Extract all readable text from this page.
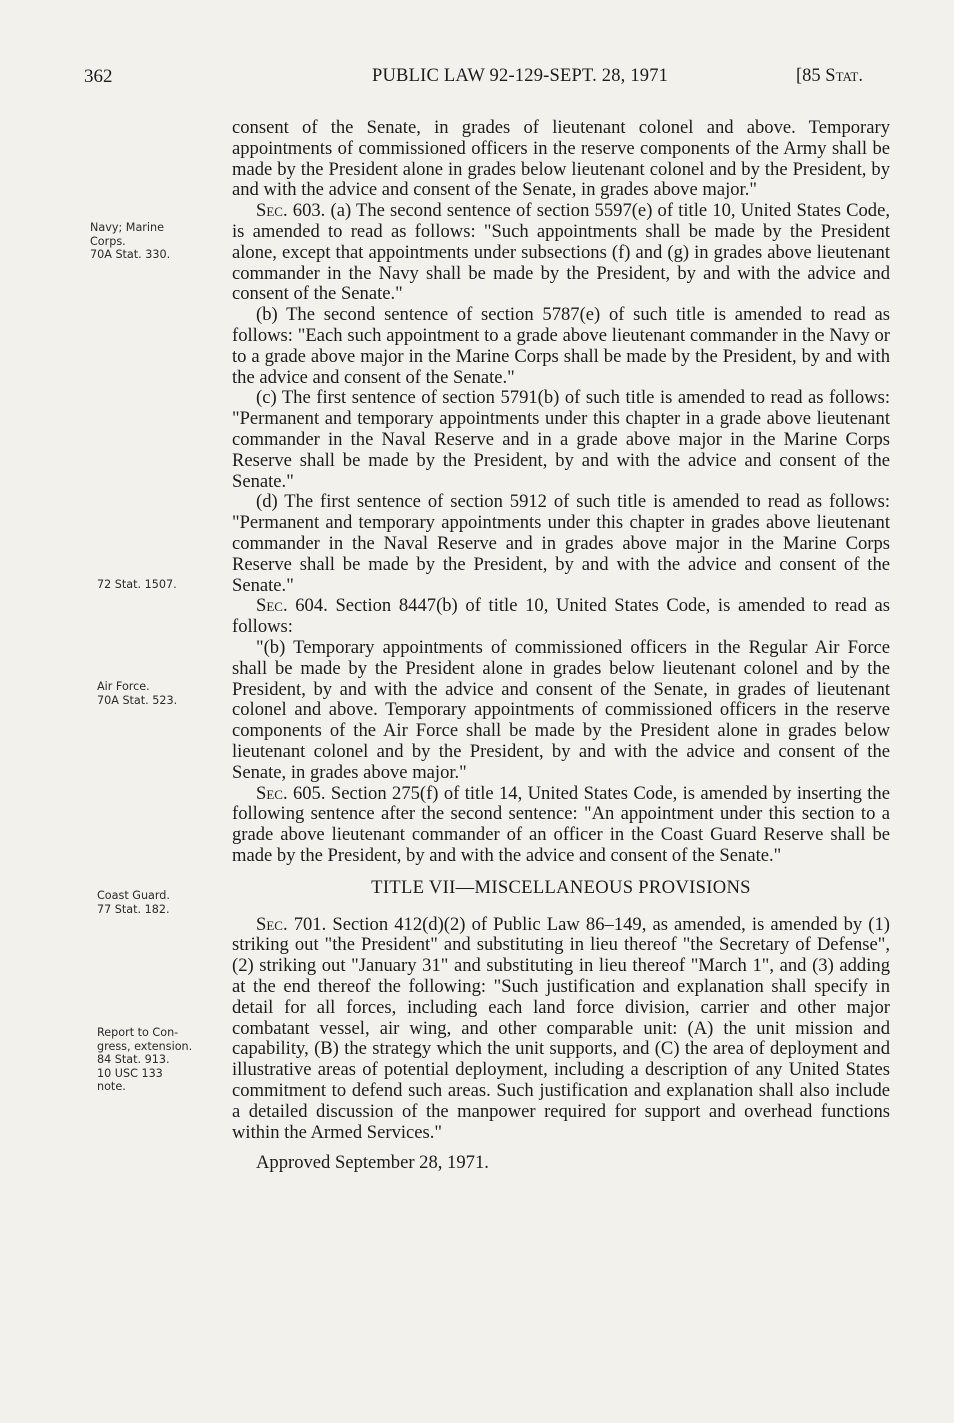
362	PUBLIC LAW 92-129-SEPT. 28, 1971	[85 Stat.
Navy; Marine
Corps.
70A Stat. 330.
72 Stat. 1507.
Air Force.
70A Stat. 523.
Coast Guard.
77 Stat. 182.
Report to Con-
gress, extension.
84 Stat. 913.
10 USC 133
note.

consent of the Senate, in grades of lieutenant colonel and above. Temporary appointments of commissioned officers in the reserve components of the Army shall be made by the President alone in grades below lieutenant colonel and by the President, by and with the advice and consent of the Senate, in grades above major."

Sec. 603. (a) The second sentence of section 5597(e) of title 10, United States Code, is amended to read as follows: "Such appointments shall be made by the President alone, except that appointments under subsections (f) and (g) in grades above lieutenant commander in the Navy shall be made by the President, by and with the advice and consent of the Senate."

(b) The second sentence of section 5787(e) of such title is amended to read as follows: "Each such appointment to a grade above lieutenant commander in the Navy or to a grade above major in the Marine Corps shall be made by the President, by and with the advice and consent of the Senate."

(c) The first sentence of section 5791(b) of such title is amended to read as follows: "Permanent and temporary appointments under this chapter in a grade above lieutenant commander in the Naval Reserve and in a grade above major in the Marine Corps Reserve shall be made by the President, by and with the advice and consent of the Senate."

(d) The first sentence of section 5912 of such title is amended to read as follows: "Permanent and temporary appointments under this chapter in grades above lieutenant commander in the Naval Reserve and in grades above major in the Marine Corps Reserve shall be made by the President, by and with the advice and consent of the Senate."

Sec. 604. Section 8447(b) of title 10, United States Code, is amended to read as follows:

"(b) Temporary appointments of commissioned officers in the Regular Air Force shall be made by the President alone in grades below lieutenant colonel and by the President, by and with the advice and consent of the Senate, in grades of lieutenant colonel and above. Temporary appointments of commissioned officers in the reserve components of the Air Force shall be made by the President alone in grades below lieutenant colonel and by the President, by and with the advice and consent of the Senate, in grades above major."

Sec. 605. Section 275(f) of title 14, United States Code, is amended by inserting the following sentence after the second sentence: "An appointment under this section to a grade above lieutenant commander of an officer in the Coast Guard Reserve shall be made by the President, by and with the advice and consent of the Senate."

TITLE VII—MISCELLANEOUS PROVISIONS

Sec. 701. Section 412(d)(2) of Public Law 86–149, as amended, is amended by (1) striking out "the President" and substituting in lieu thereof "the Secretary of Defense", (2) striking out "January 31" and substituting in lieu thereof "March 1", and (3) adding at the end thereof the following: "Such justification and explanation shall specify in detail for all forces, including each land force division, carrier and other major combatant vessel, air wing, and other comparable unit: (A) the unit mission and capability, (B) the strategy which the unit supports, and (C) the area of deployment and illustrative areas of potential deployment, including a description of any United States commitment to defend such areas. Such justification and explanation shall also include a detailed discussion of the manpower required for support and overhead functions within the Armed Services."

Approved September 28, 1971.
